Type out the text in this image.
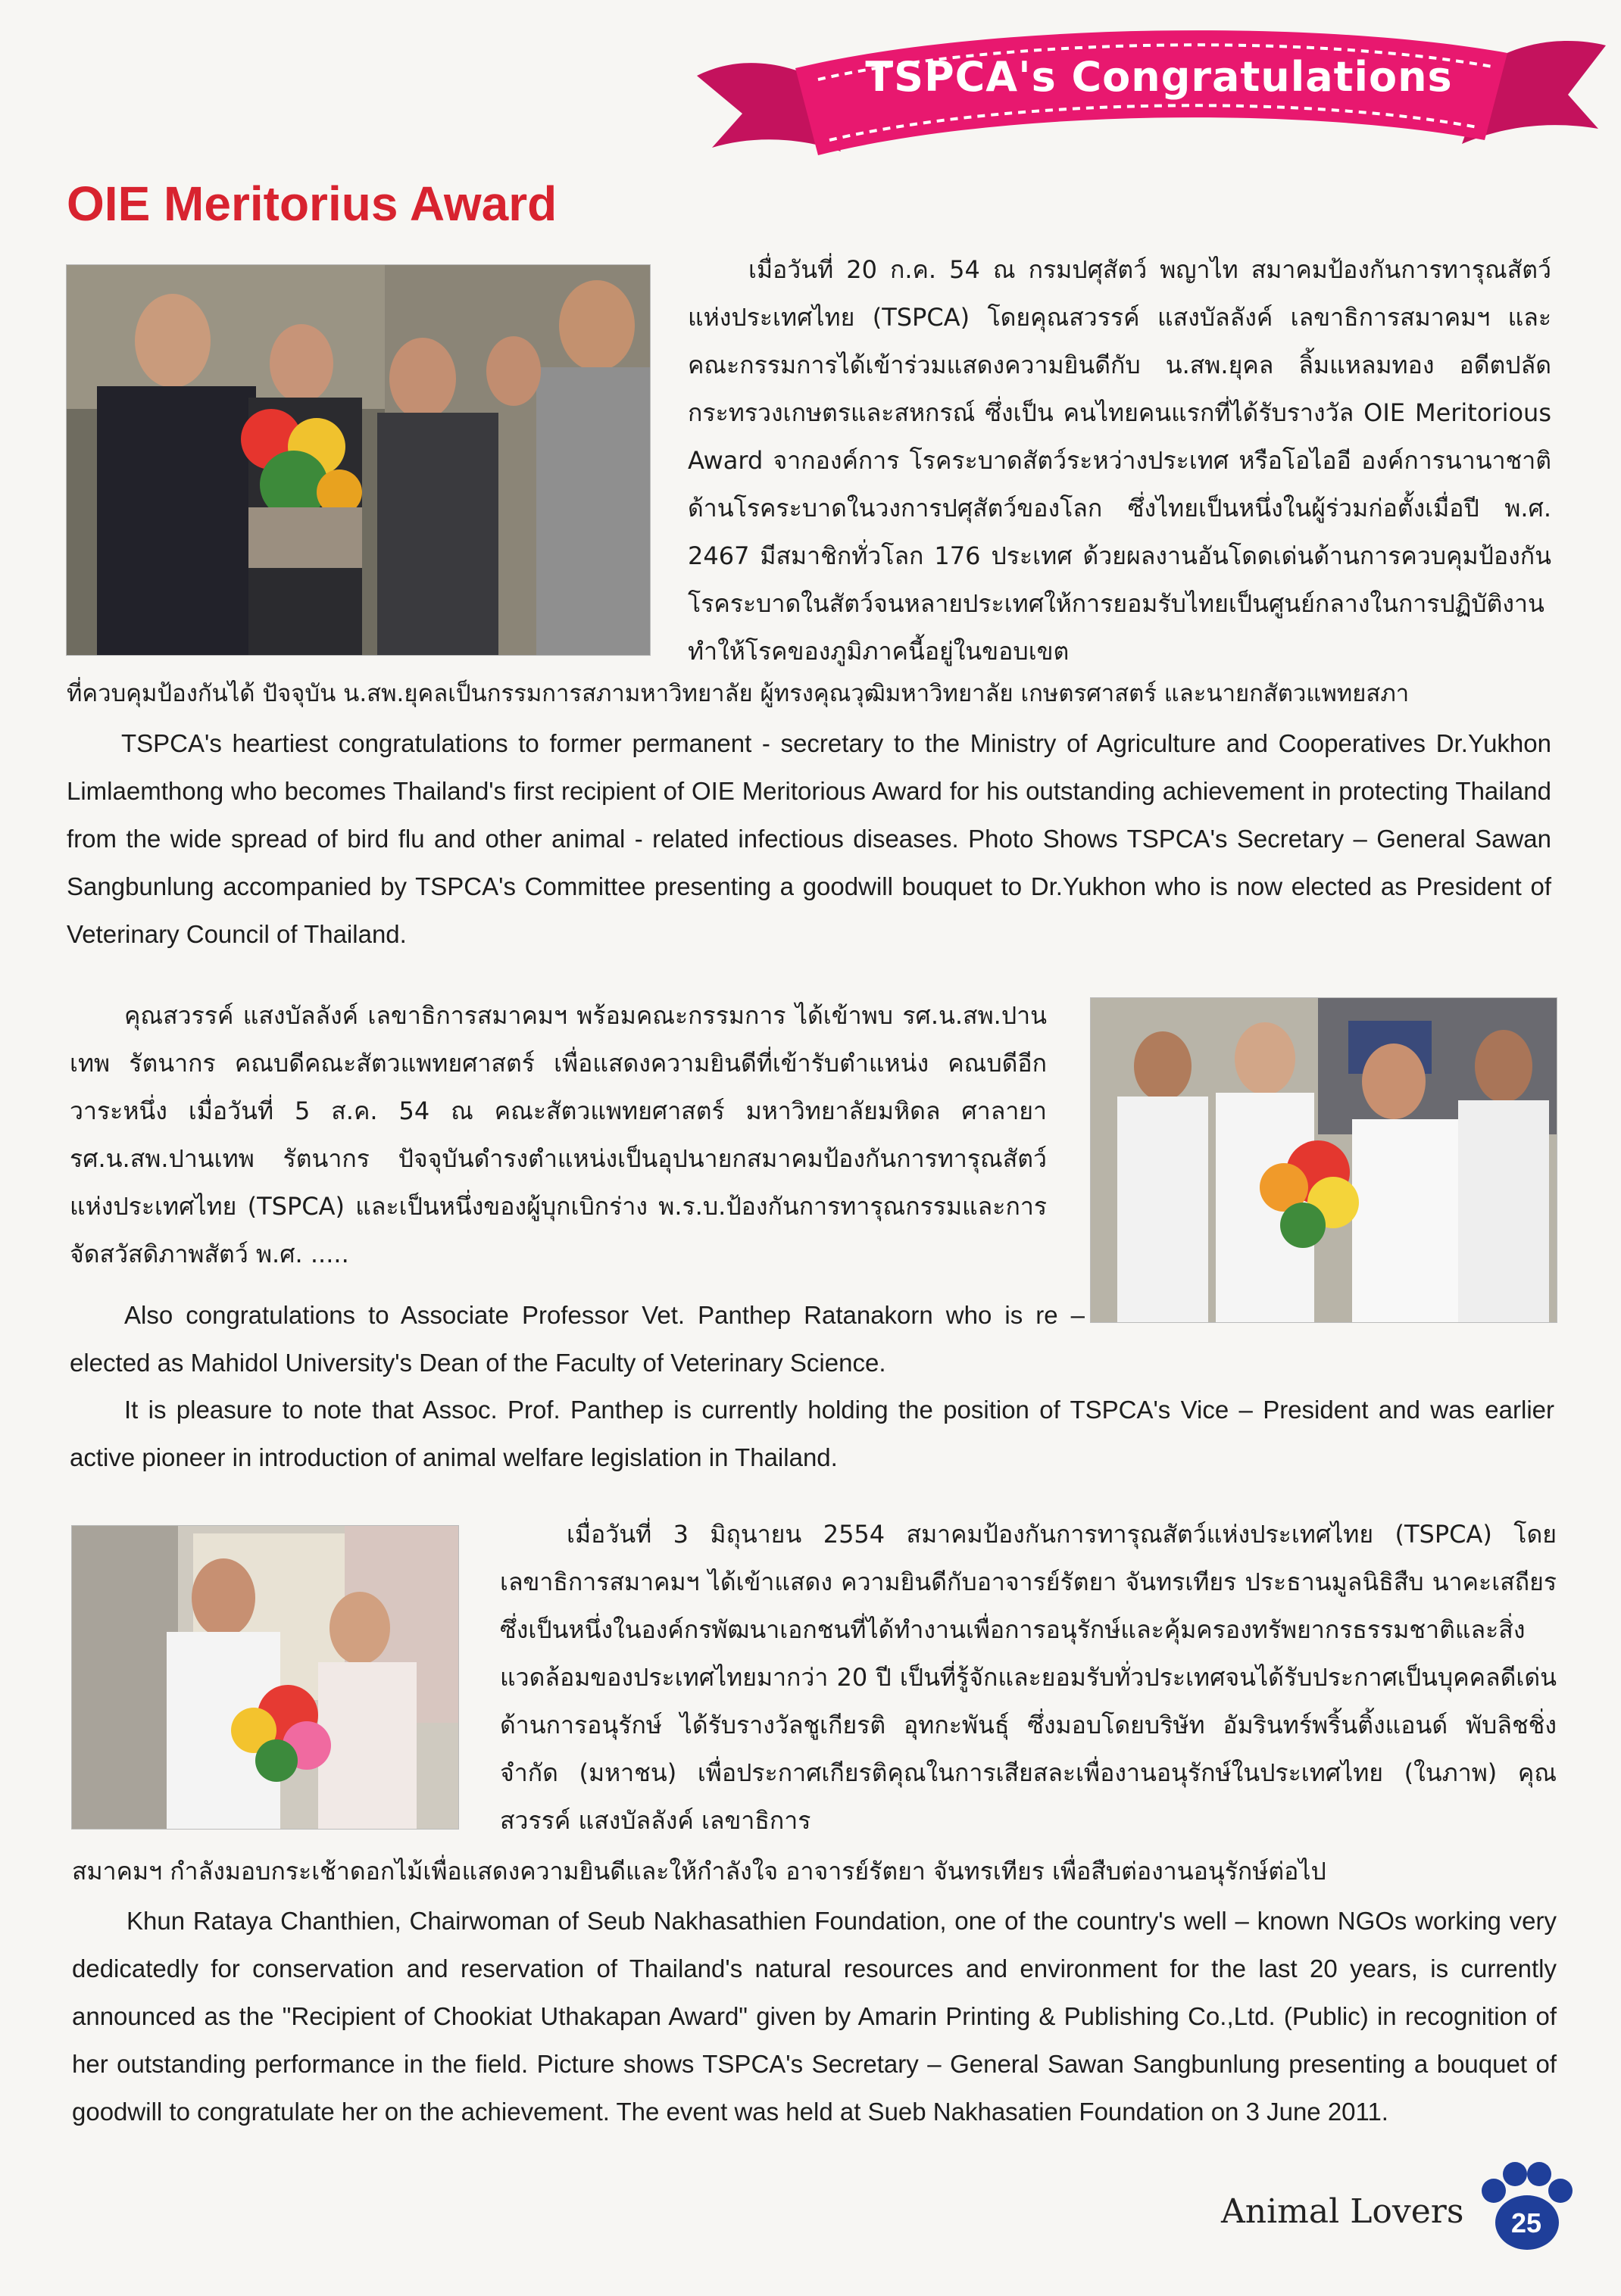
TSPCA's Congratulations
OIE Meritorius Award

เมื่อวันที่ 20 ก.ค. 54 ณ กรมปศุสัตว์ พญาไท สมาคมป้องกันการทารุณสัตว์แห่งประเทศไทย (TSPCA) โดยคุณสวรรค์ แสงบัลลังค์ เลขาธิการสมาคมฯ และคณะกรรมการได้เข้าร่วมแสดงความยินดีกับ น.สพ.ยุคล ลิ้มแหลมทอง อดีตปลัดกระทรวงเกษตรและสหกรณ์ ซึ่งเป็น คนไทยคนแรกที่ได้รับรางวัล OIE Meritorious Award จากองค์การ โรคระบาดสัตว์ระหว่างประเทศ หรือโอไออี องค์การนานาชาติด้านโรคระบาดในวงการปศุสัตว์ของโลก ซึ่งไทยเป็นหนึ่งในผู้ร่วมก่อตั้งเมื่อปี พ.ศ. 2467 มีสมาชิกทั่วโลก 176 ประเทศ ด้วยผลงานอันโดดเด่นด้านการควบคุมป้องกันโรคระบาดในสัตว์จนหลายประเทศให้การยอมรับไทยเป็นศูนย์กลางในการปฏิบัติงานทำให้โรคของภูมิภาคนี้อยู่ในขอบเขต

ที่ควบคุมป้องกันได้ ปัจจุบัน น.สพ.ยุคลเป็นกรรมการสภามหาวิทยาลัย ผู้ทรงคุณวุฒิมหาวิทยาลัย เกษตรศาสตร์ และนายกสัตวแพทยสภา

TSPCA's heartiest congratulations to former permanent - secretary to the Ministry of Agriculture and Cooperatives Dr.Yukhon Limlaemthong who becomes Thailand's first recipient of OIE Meritorious Award for his outstanding achievement in protecting Thailand from the wide spread of bird flu and other animal - related infectious diseases. Photo Shows TSPCA's Secretary – General Sawan Sangbunlung accompanied by TSPCA's Committee presenting a goodwill bouquet to Dr.Yukhon who is now elected as President of Veterinary Council of Thailand.

คุณสวรรค์ แสงบัลลังค์ เลขาธิการสมาคมฯ พร้อมคณะกรรมการ ได้เข้าพบ รศ.น.สพ.ปานเทพ รัตนากร คณบดีคณะสัตวแพทยศาสตร์ เพื่อแสดงความยินดีที่เข้ารับตำแหน่ง คณบดีอีกวาระหนึ่ง เมื่อวันที่ 5 ส.ค. 54 ณ คณะสัตวแพทยศาสตร์ มหาวิทยาลัยมหิดล ศาลายา รศ.น.สพ.ปานเทพ รัตนากร ปัจจุบันดำรงตำแหน่งเป็นอุปนายกสมาคมป้องกันการทารุณสัตว์แห่งประเทศไทย (TSPCA) และเป็นหนึ่งของผู้บุกเบิกร่าง พ.ร.บ.ป้องกันการทารุณกรรมและการจัดสวัสดิภาพสัตว์ พ.ศ. .....

Also congratulations to Associate Professor Vet. Panthep Ratanakorn who is re – elected as Mahidol University's Dean of the Faculty of Veterinary Science.

It is pleasure to note that Assoc. Prof. Panthep is currently holding the position of TSPCA's Vice – President and was earlier active pioneer in introduction of animal welfare legislation in Thailand.

เมื่อวันที่ 3 มิถุนายน 2554 สมาคมป้องกันการทารุณสัตว์แห่งประเทศไทย (TSPCA) โดยเลขาธิการสมาคมฯ ได้เข้าแสดง ความยินดีกับอาจารย์รัตยา จันทรเทียร ประธานมูลนิธิสืบ นาคะเสถียร ซึ่งเป็นหนึ่งในองค์กรพัฒนาเอกชนที่ได้ทำงานเพื่อการอนุรักษ์และคุ้มครองทรัพยากรธรรมชาติและสิ่งแวดล้อมของประเทศไทยมากว่า 20 ปี เป็นที่รู้จักและยอมรับทั่วประเทศจนได้รับประกาศเป็นบุคคลดีเด่นด้านการอนุรักษ์ ได้รับรางวัลชูเกียรติ อุทกะพันธุ์ ซึ่งมอบโดยบริษัท อัมรินทร์พริ้นติ้งแอนด์ พับลิชชิ่ง จำกัด (มหาชน) เพื่อประกาศเกียรติคุณในการเสียสละเพื่องานอนุรักษ์ในประเทศไทย (ในภาพ) คุณสวรรค์ แสงบัลลังค์ เลขาธิการ

สมาคมฯ กำลังมอบกระเช้าดอกไม้เพื่อแสดงความยินดีและให้กำลังใจ อาจารย์รัตยา จันทรเทียร เพื่อสืบต่องานอนุรักษ์ต่อไป

Khun Rataya Chanthien, Chairwoman of Seub Nakhasathien Foundation, one of the country's well – known NGOs working very dedicatedly for conservation and reservation of Thailand's natural resources and environment for the last 20 years, is currently announced as the "Recipient of Chookiat Uthakapan Award" given by Amarin Printing & Publishing Co.,Ltd. (Public) in recognition of her outstanding performance in the field. Picture shows TSPCA's Secretary – General Sawan Sangbunlung presenting a bouquet of goodwill to congratulate her on the achievement. The event was held at Sueb Nakhasatien Foundation on 3 June 2011.

Animal Lovers	25
